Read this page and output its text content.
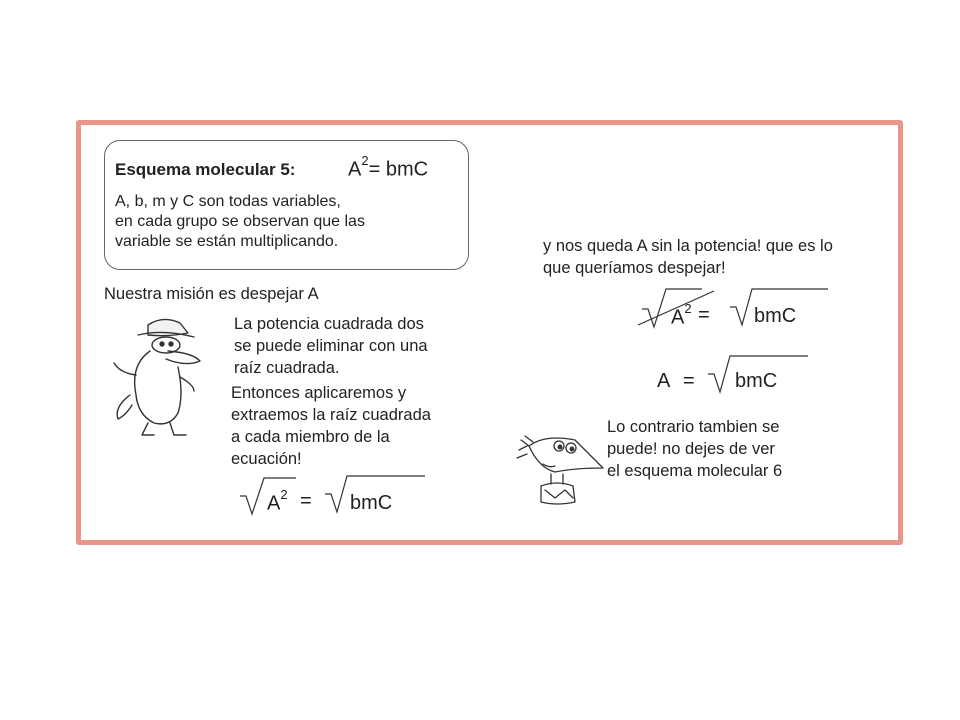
Esquema molecular 5:	$A^2=$ bmC
A, b, m y C son todas variables,
en cada grupo se observan que las
variable se están multiplicando.
Nuestra misión es despejar A
La potencia cuadrada dos
se puede eliminar con una
raíz cuadrada.
Entonces aplicaremos y
extraemos la raíz cuadrada
a cada miembro de la
ecuación!
$A^2$ = bmC
y nos queda A sin la potencia! que es lo
que queríamos despejar!
$A^2$ = bmC
A = bmC
Lo contrario tambien se
puede! no dejes de ver
el esquema molecular 6
